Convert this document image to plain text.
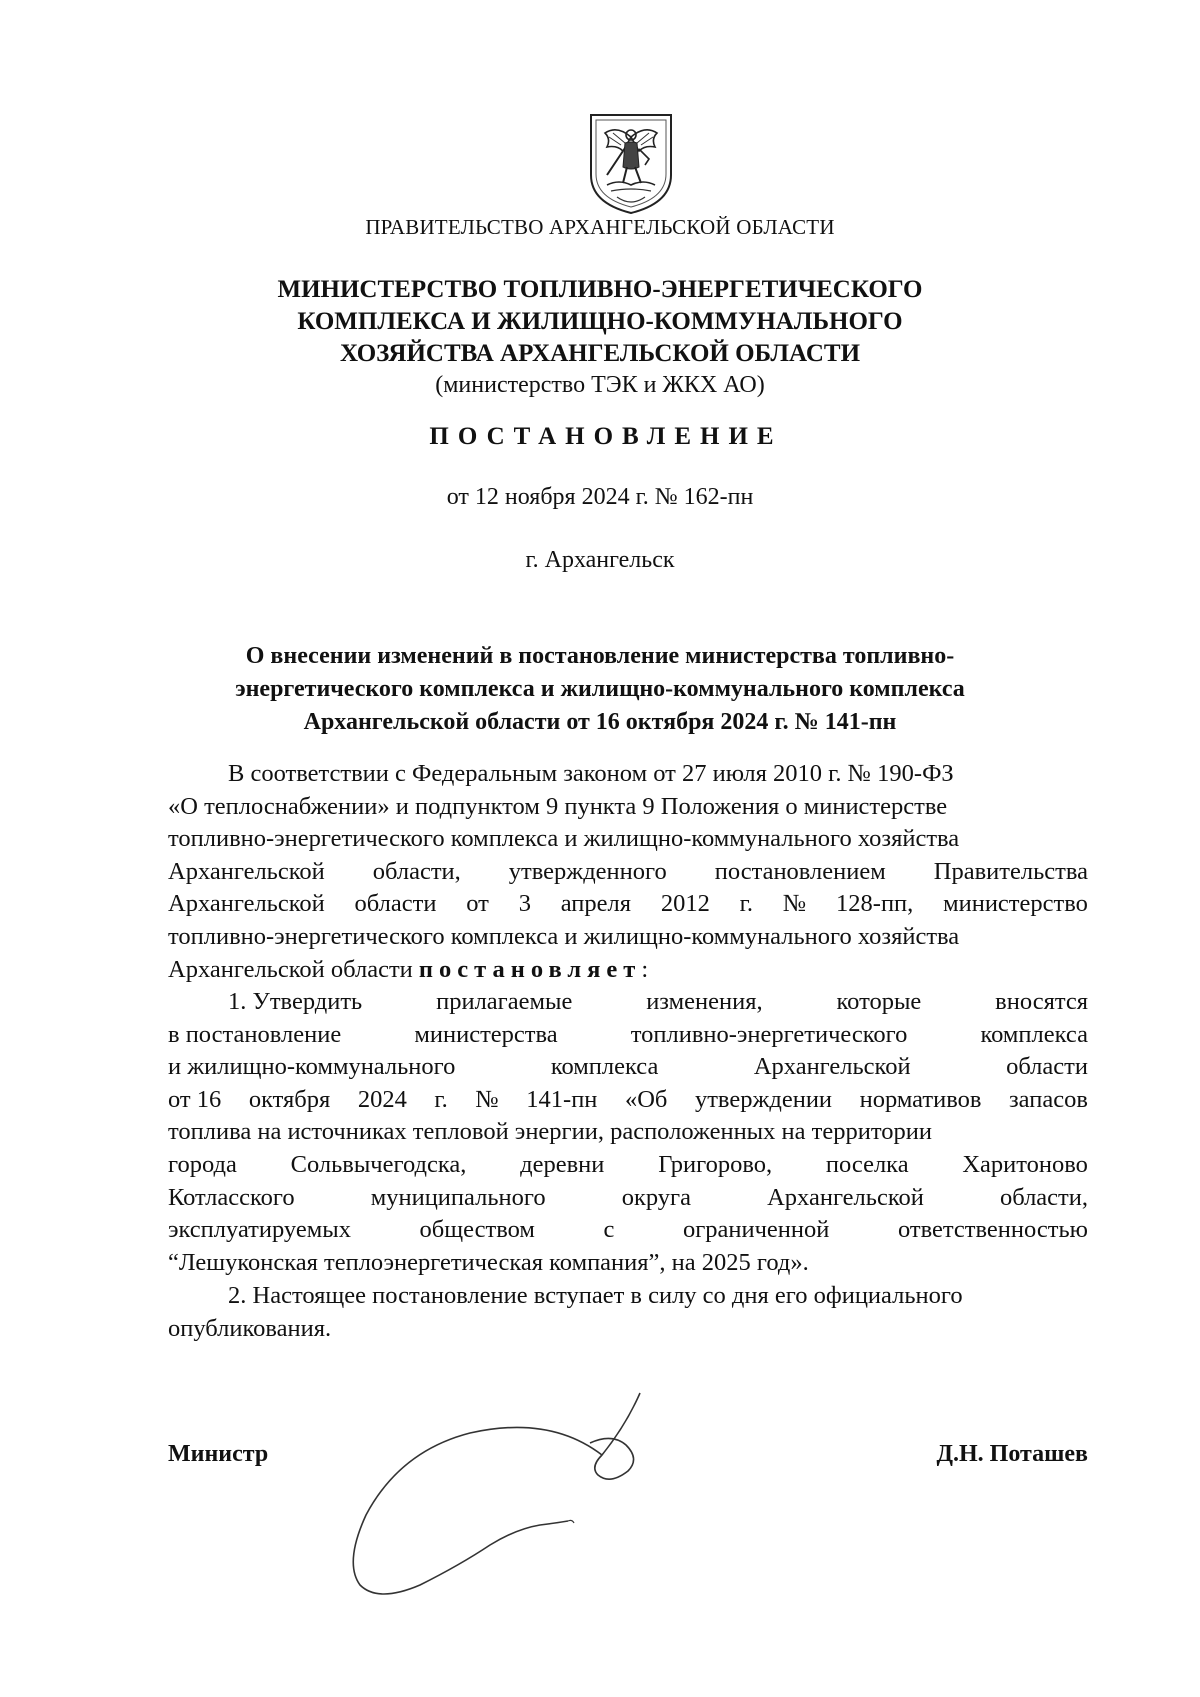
ПРАВИТЕЛЬСТВО АРХАНГЕЛЬСКОЙ ОБЛАСТИ
МИНИСТЕРСТВО ТОПЛИВНО-ЭНЕРГЕТИЧЕСКОГО
КОМПЛЕКСА И ЖИЛИЩНО-КОММУНАЛЬНОГО
ХОЗЯЙСТВА АРХАНГЕЛЬСКОЙ ОБЛАСТИ
(министерство ТЭК и ЖКХ АО)
ПОСТАНОВЛЕНИЕ
от 12 ноября 2024 г. № 162-пн
г. Архангельск
О внесении изменений в постановление министерства топливно-
энергетического комплекса и жилищно-коммунального комплекса
Архангельской области от 16 октября 2024 г. № 141-пн
В соответствии с Федеральным законом от 27 июля 2010 г. № 190-ФЗ
«О теплоснабжении» и подпунктом 9 пункта 9 Положения о министерстве
топливно-энергетического комплекса и жилищно-коммунального хозяйства
Архангельской области, утвержденного постановлением Правительства
Архангельской области от 3 апреля 2012 г. № 128-пп, министерство
топливно-энергетического комплекса и жилищно-коммунального хозяйства
Архангельской области постановляет :
1. Утвердить	прилагаемые	изменения,	которые	вносятся
в постановление	министерства	топливно-энергетического	комплекса
и жилищно-коммунального	комплекса	Архангельской	области
от 16 октября 2024 г. № 141-пн «Об утверждении нормативов запасов
топлива на источниках тепловой энергии, расположенных на территории
города Сольвычегодска, деревни Григорово, поселка Харитоново
Котласского	муниципального	округа	Архангельской	области,
эксплуатируемых	обществом	с	ограниченной	ответственностью
“Лешуконская теплоэнергетическая компания”, на 2025 год».
2. Настоящее постановление вступает в силу со дня его официального
опубликования.
Министр	Д.Н. Поташев
